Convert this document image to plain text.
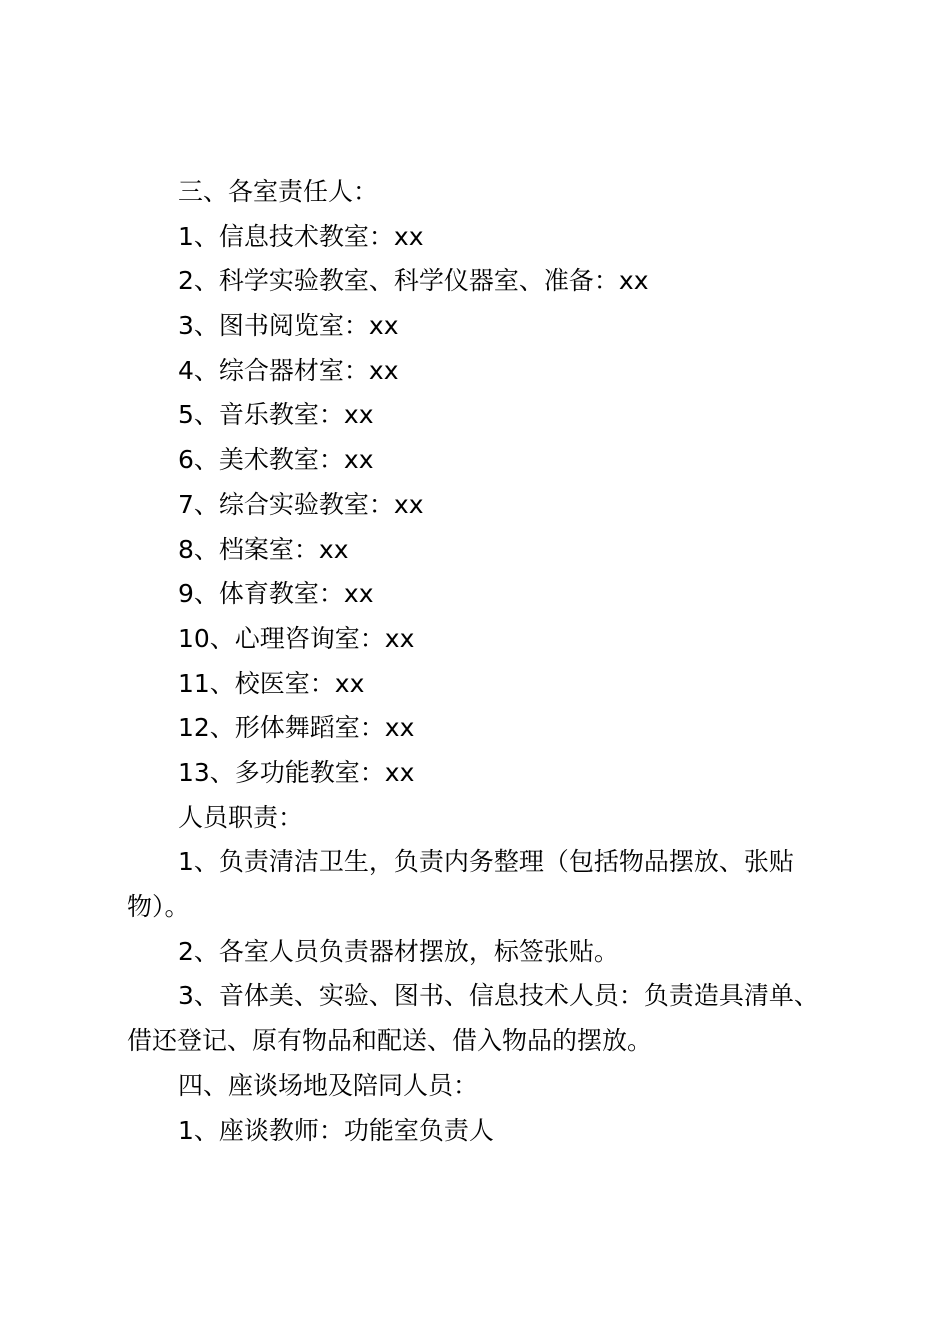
三、各室责任人：
1、信息技术教室：xx
2、科学实验教室、科学仪器室、准备：xx
3、图书阅览室：xx
4、综合器材室：xx
5、音乐教室：xx
6、美术教室：xx
7、综合实验教室：xx
8、档案室：xx
9、体育教室：xx
10、心理咨询室：xx
11、校医室：xx
12、形体舞蹈室：xx
13、多功能教室：xx
人员职责：
1、负责清洁卫生，负责内务整理（包括物品摆放、张贴物）。
2、各室人员负责器材摆放，标签张贴。
3、音体美、实验、图书、信息技术人员：负责造具清单、借还登记、原有物品和配送、借入物品的摆放。
四、座谈场地及陪同人员：
1、座谈教师：功能室负责人
